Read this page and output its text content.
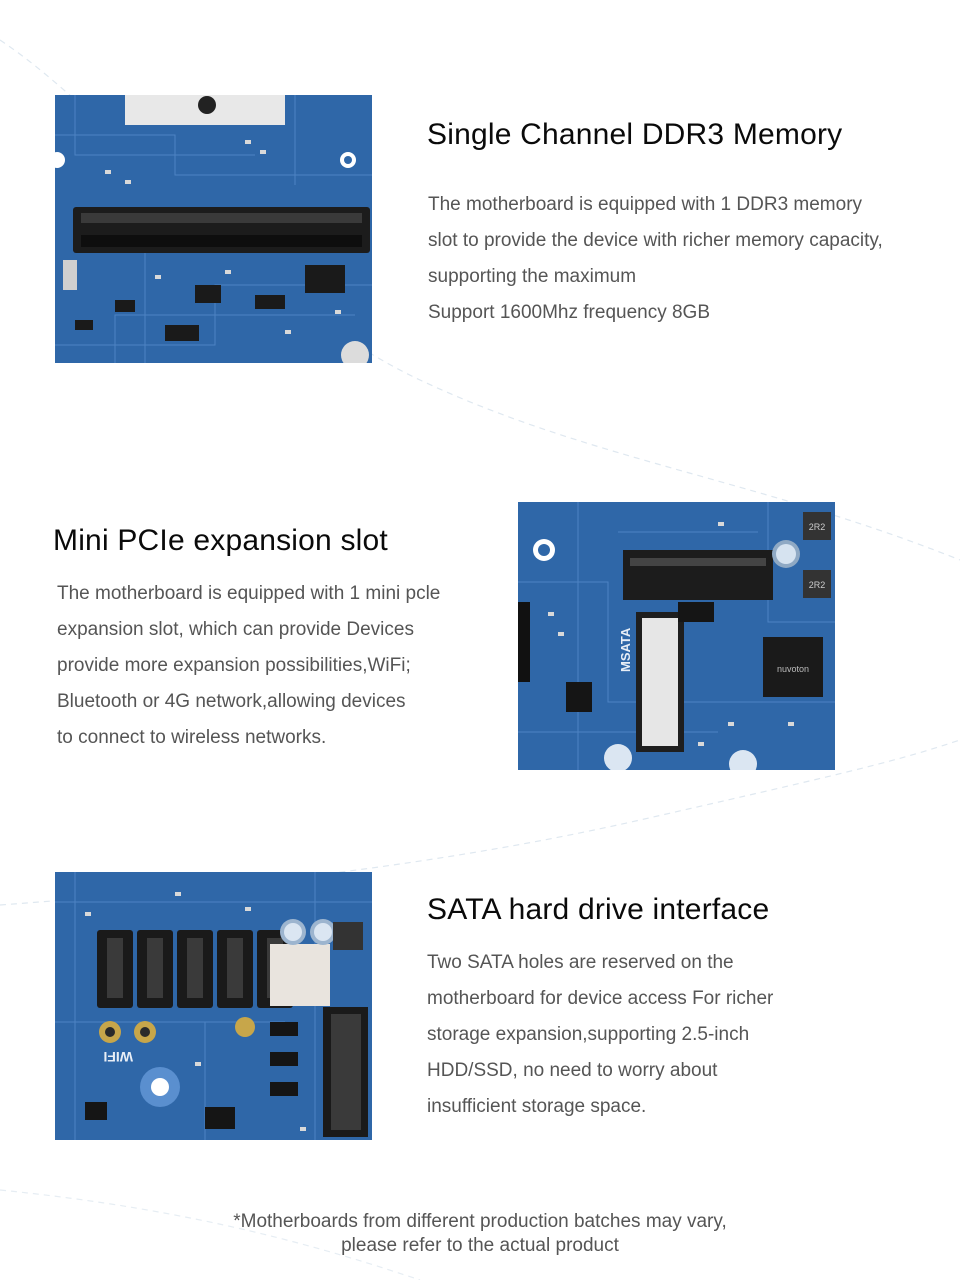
Single Channel DDR3 Memory

The motherboard is equipped with 1 DDR3 memory
slot to provide the device with richer memory capacity,
supporting the maximum
Support 1600Mhz frequency 8GB

Mini PCIe expansion slot

The motherboard is equipped with 1 mini pcle
expansion slot, which can provide Devices
provide more expansion possibilities,WiFi;
Bluetooth or 4G network,allowing devices
to connect to wireless networks.

nuvoton
2R2
2R2
MSATA
WIFI
SATA hard drive interface

Two SATA holes are reserved on the
motherboard for device access For richer
storage expansion,supporting 2.5-inch
HDD/SSD, no need to worry about
insufficient storage space.

*Motherboards from different production batches may vary,
please refer to the actual product
